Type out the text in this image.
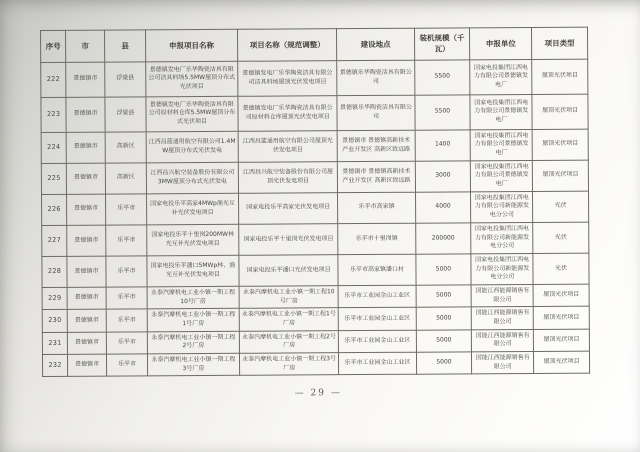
序号	市	县	申报项目名称	项目名称（规范调整）	建设地点	装机规模（千瓦）	申报单位	项目类型
222	景德镇市	浮梁县	景德镇发电厂乐华陶瓷洁具有限公司洁具料场5.5MW屋顶分布式光伏项目	景德镇发电厂乐华陶瓷洁具有限公司洁具料场屋顶光伏发电项目	景德镇乐华陶瓷洁具有限公司	5500	国家电投集团江西电力有限公司景德镇发电厂	屋顶光伏项目
223	景德镇市	浮梁县	景德镇发电厂乐华陶瓷洁具有限公司原材料仓库5.5MW屋顶分布式光伏项目	景德镇发电厂乐华陶瓷洁具有限公司原材料仓库屋顶光伏发电项目	景德镇乐华陶瓷洁具有限公司	5500	国家电投集团江西电力有限公司景德镇发电厂	屋顶光伏项目
224	景德镇市	高新区	江西昌蓝通用航空有限公司1.4MW屋顶分布式光伏发电	江西昌蓝通用航空有限公司屋顶光伏发电项目	景德镇市 景德镇高新技术产业开发区 高新区致远路	1400	国家电投集团江西电力有限公司景德镇发电厂	屋顶光伏项目
225	景德镇市	高新区	江西昌兴航空装备股份有限公司3MW屋顶分布式光伏发电	江西昌兴航空装备股份有限公司屋顶光伏发电项目	景德镇市 景德镇高新技术产业开发区 高新区致远路	3000	国家电投集团江西电力有限公司景德镇发电厂	屋顶光伏项目
226	景德镇市	乐平市	国家电投乐平高家4MWp渔光互补光伏发电项目	国家电投乐平高家光伏发电项目	乐平市高家镇	4000	国家电投集团江西电力有限公司新能源发电分公司	光伏
227	景德镇市	乐平市	国家电投乐平十里岗200MW林光互补光伏发电项目	国家电投乐平十里岗光伏发电项目	乐平市十里岗镇	200000	国家电投集团江西电力有限公司新能源发电分公司	光伏
228	景德镇市	乐平市	国家电投乐平潘口5MWp林、渔光互补光伏发电项目	国家电投乐平潘口光伏发电项目	乐平市高家镇潘口村	5000	国家电投集团江西电力有限公司新能源发电分公司	光伏
229	景德镇市	乐平市	永泰汽摩机电工业小镇一期工程10号厂房	永泰汽摩机电工业小镇一期工程10号厂房	乐平市工业园金山工业区	5000	国能江西能源销售有限公司	屋顶光伏项目
230	景德镇市	乐平市	永泰汽摩机电工业小镇一期工程1号厂房	永泰汽摩机电工业小镇一期工程1号厂房	乐平市工业园金山工业区	5000	国能江西能源销售有限公司	屋顶光伏项目
231	景德镇市	乐平市	永泰汽摩机电工业小镇一期工程2号厂房	永泰汽摩机电工业小镇一期工程2号厂房	乐平市工业园金山工业区	5000	国能江西能源销售有限公司	屋顶光伏项目
232	景德镇市	乐平市	永泰汽摩机电工业小镇一期工程3号厂房	永泰汽摩机电工业小镇一期工程3号厂房	乐平市工业园金山工业区	5000	国能江西能源销售有限公司	屋顶光伏项目
— 29 —
